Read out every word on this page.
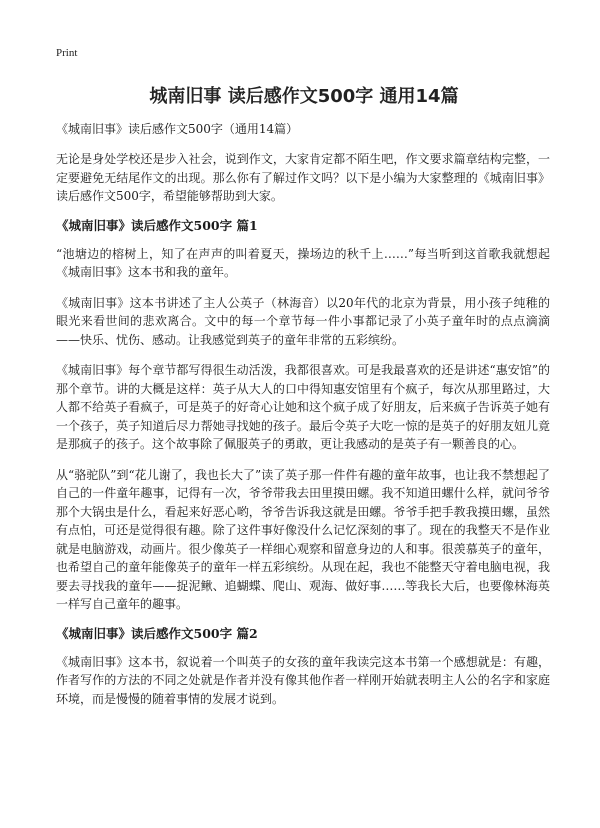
Print
城南旧事 读后感作文500字 通用14篇

《城南旧事》读后感作文500字（通用14篇）

无论是身处学校还是步入社会，说到作文，大家肯定都不陌生吧，作文要求篇章结构完整，一定要避免无结尾作文的出现。那么你有了解过作文吗？以下是小编为大家整理的《城南旧事》读后感作文500字，希望能够帮助到大家。

《城南旧事》读后感作文500字 篇1

“池塘边的榕树上，知了在声声的叫着夏天，操场边的秋千上……”每当听到这首歌我就想起《城南旧事》这本书和我的童年。

《城南旧事》这本书讲述了主人公英子（林海音）以20年代的北京为背景，用小孩子纯稚的眼光来看世间的悲欢离合。文中的每一个章节每一件小事都记录了小英子童年时的点点滴滴——快乐、忧伤、感动。让我感觉到英子的童年非常的五彩缤纷。

《城南旧事》每个章节都写得很生动活泼，我都很喜欢。可是我最喜欢的还是讲述“惠安馆”的那个章节。讲的大概是这样：英子从大人的口中得知惠安馆里有个疯子，每次从那里路过，大人都不给英子看疯子，可是英子的好奇心让她和这个疯子成了好朋友，后来疯子告诉英子她有一个孩子，英子知道后尽力帮她寻找她的孩子。最后令英子大吃一惊的是英子的好朋友妞儿竟是那疯子的孩子。这个故事除了佩服英子的勇敢，更让我感动的是英子有一颗善良的心。

从“骆驼队”到“花儿谢了，我也长大了”读了英子那一件件有趣的童年故事，也让我不禁想起了自己的一件童年趣事，记得有一次，爷爷带我去田里摸田螺。我不知道田螺什么样，就问爷爷那个大锅虫是什么，看起来好恶心哟，爷爷告诉我这就是田螺。爷爷手把手教我摸田螺，虽然有点怕，可还是觉得很有趣。除了这件事好像没什么记忆深刻的事了。现在的我整天不是作业就是电脑游戏，动画片。很少像英子一样细心观察和留意身边的人和事。很羡慕英子的童年，也希望自己的童年能像英子的童年一样五彩缤纷。从现在起，我也不能整天守着电脑电视，我要去寻找我的童年——捉泥鳅、追蝴蝶、爬山、观海、做好事……等我长大后，也要像林海英一样写自己童年的趣事。

《城南旧事》读后感作文500字 篇2

《城南旧事》这本书，叙说着一个叫英子的女孩的童年我读完这本书第一个感想就是：有趣，作者写作的方法的不同之处就是作者并没有像其他作者一样刚开始就表明主人公的名字和家庭环境，而是慢慢的随着事情的发展才说到。
